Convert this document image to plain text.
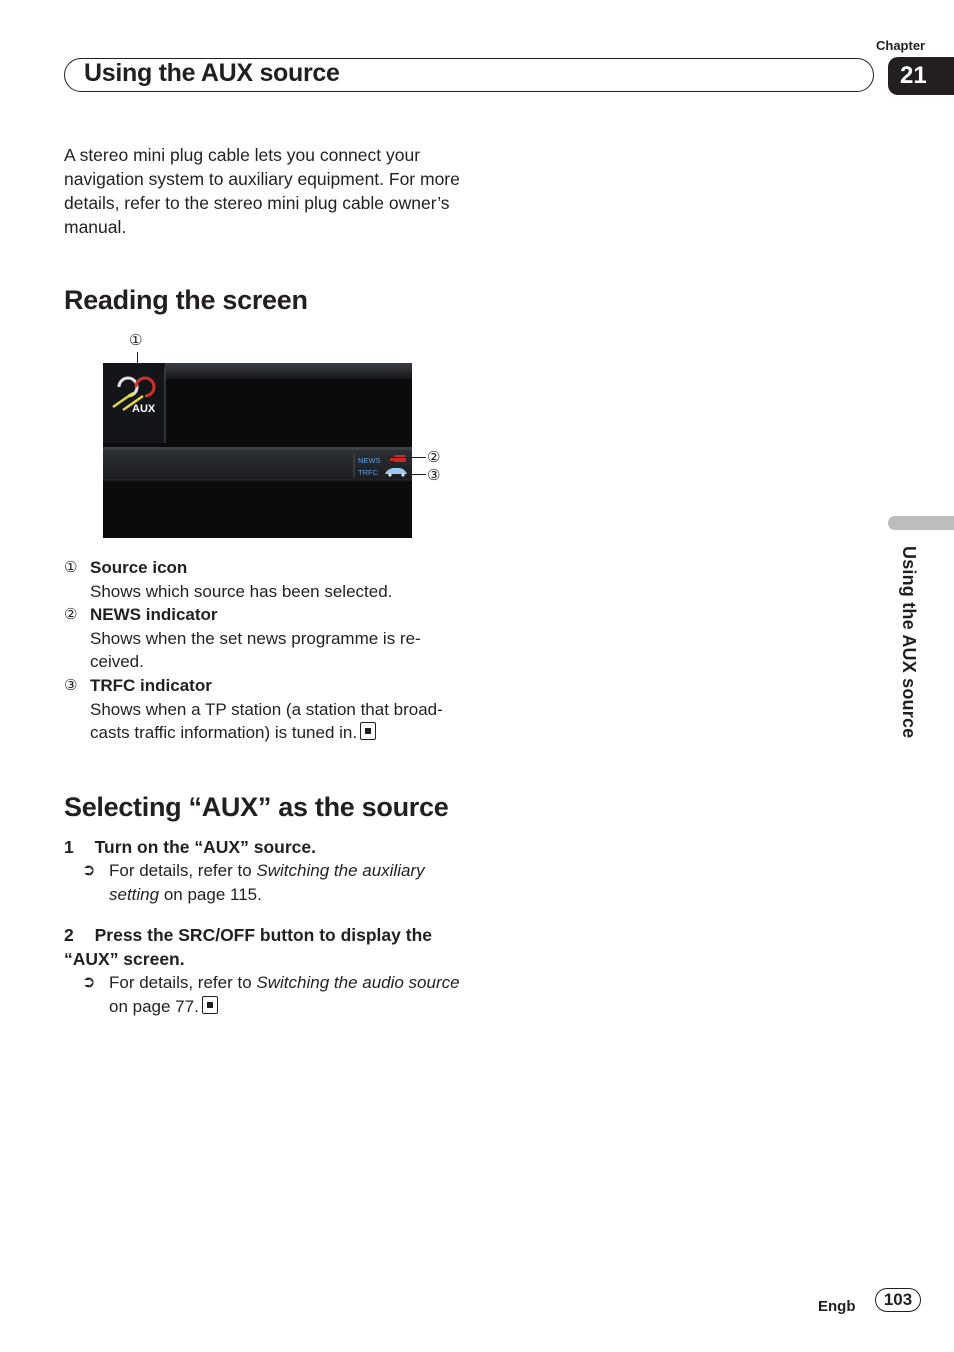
Chapter
Using the AUX source	21
A stereo mini plug cable lets you connect your navigation system to auxiliary equipment. For more details, refer to the stereo mini plug cable owner’s manual.
Reading the screen
①
AUX
NEWS
TRFC
②
③
① Source icon
Shows which source has been selected.
② NEWS indicator
Shows when the set news programme is re-ceived.
③ TRFC indicator
Shows when a TP station (a station that broad-casts traffic information) is tuned in.
Selecting “AUX” as the source
1 Turn on the “AUX” source.
➲ For details, refer to Switching the auxiliary setting on page 115.
2 Press the SRC/OFF button to display the “AUX” screen.
➲ For details, refer to Switching the audio source on page 77.
Using the AUX source
Engb	103
